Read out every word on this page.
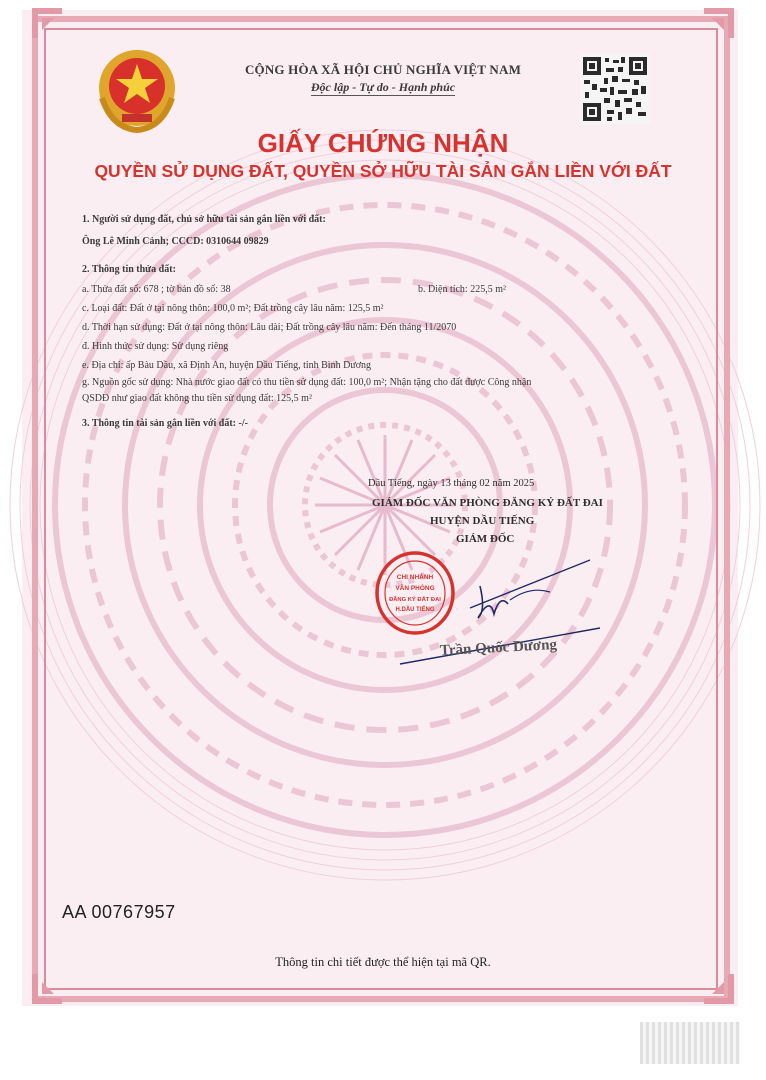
CỘNG HÒA XÃ HỘI CHỦ NGHĨA VIỆT NAM
Độc lập - Tự do - Hạnh phúc
GIẤY CHỨNG NHẬN
QUYỀN SỬ DỤNG ĐẤT, QUYỀN SỞ HỮU TÀI SẢN GẮN LIỀN VỚI ĐẤT
1. Người sử dụng đất, chủ sở hữu tài sản gắn liền với đất:
Ông Lê Minh Cảnh; CCCD: 0310644 09829
2. Thông tin thửa đất:
a. Thửa đất số: 678 ; tờ bản đồ số: 38	b. Diện tích: 225,5 m²
c. Loại đất: Đất ở tại nông thôn: 100,0 m²; Đất trồng cây lâu năm: 125,5 m²
d. Thời hạn sử dụng: Đất ở tại nông thôn: Lâu dài; Đất trồng cây lâu năm: Đến tháng 11/2070
đ. Hình thức sử dụng: Sử dụng riêng
e. Địa chỉ: ấp Bàu Dầu, xã Định An, huyện Dầu Tiếng, tỉnh Bình Dương
g. Nguồn gốc sử dụng: Nhà nước giao đất có thu tiền sử dụng đất: 100,0 m²; Nhận tặng cho đất được Công nhận
QSDĐ như giao đất không thu tiền sử dụng đất: 125,5 m²
3. Thông tin tài sản gắn liền với đất: -/-
Dầu Tiếng, ngày 13 tháng 02 năm 2025
GIÁM ĐỐC VĂN PHÒNG ĐĂNG KÝ ĐẤT ĐAI
HUYỆN DẦU TIẾNG
GIÁM ĐỐC
CHI NHÁNH
VĂN PHÒNG
ĐĂNG KÝ ĐẤT ĐAI
H.DẦU TIẾNG
Trần Quốc Dương
AA 00767957
Thông tin chi tiết được thể hiện tại mã QR.
